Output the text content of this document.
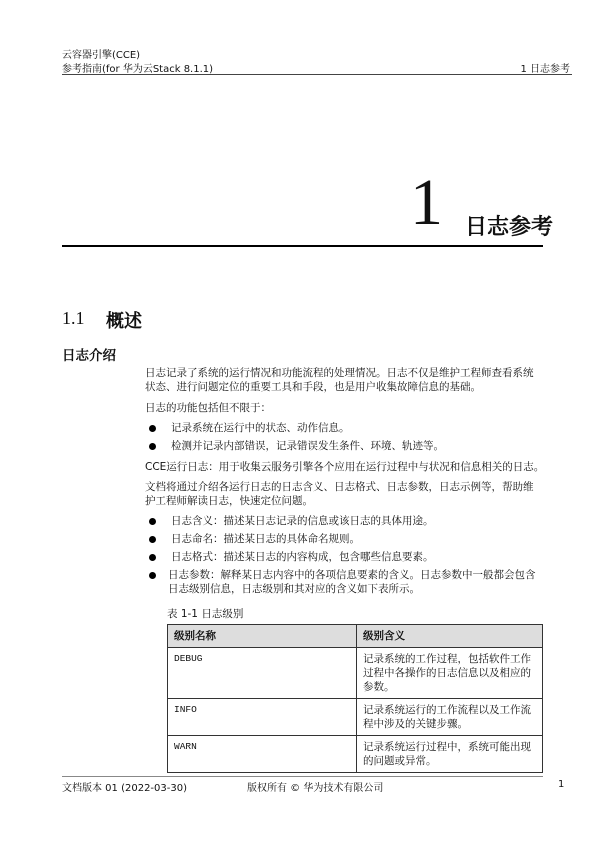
云容器引擎(CCE)
参考指南(for 华为云Stack 8.1.1)	1 日志参考
1 日志参考
1.1 概述
日志介绍
日志记录了系统的运行情况和功能流程的处理情况。日志不仅是维护工程师查看系统状态、进行问题定位的重要工具和手段，也是用户收集故障信息的基础。
日志的功能包括但不限于：
记录系统在运行中的状态、动作信息。
检测并记录内部错误，记录错误发生条件、环境、轨迹等。
CCE运行日志：用于收集云服务引擎各个应用在运行过程中与状况和信息相关的日志。
文档将通过介绍各运行日志的日志含义、日志格式、日志参数，日志示例等，帮助维护工程师解读日志，快速定位问题。
日志含义：描述某日志记录的信息或该日志的具体用途。
日志命名：描述某日志的具体命名规则。
日志格式：描述某日志的内容构成，包含哪些信息要素。
日志参数：解释某日志内容中的各项信息要素的含义。日志参数中一般都会包含日志级别信息，日志级别和其对应的含义如下表所示。
表 1-1 日志级别
级别名称	级别含义
DEBUG	记录系统的工作过程，包括软件工作过程中各操作的日志信息以及相应的参数。
INFO	记录系统运行的工作流程以及工作流程中涉及的关键步骤。
WARN	记录系统运行过程中，系统可能出现的问题或异常。
文档版本 01 (2022-03-30)	版权所有 © 华为技术有限公司	1
